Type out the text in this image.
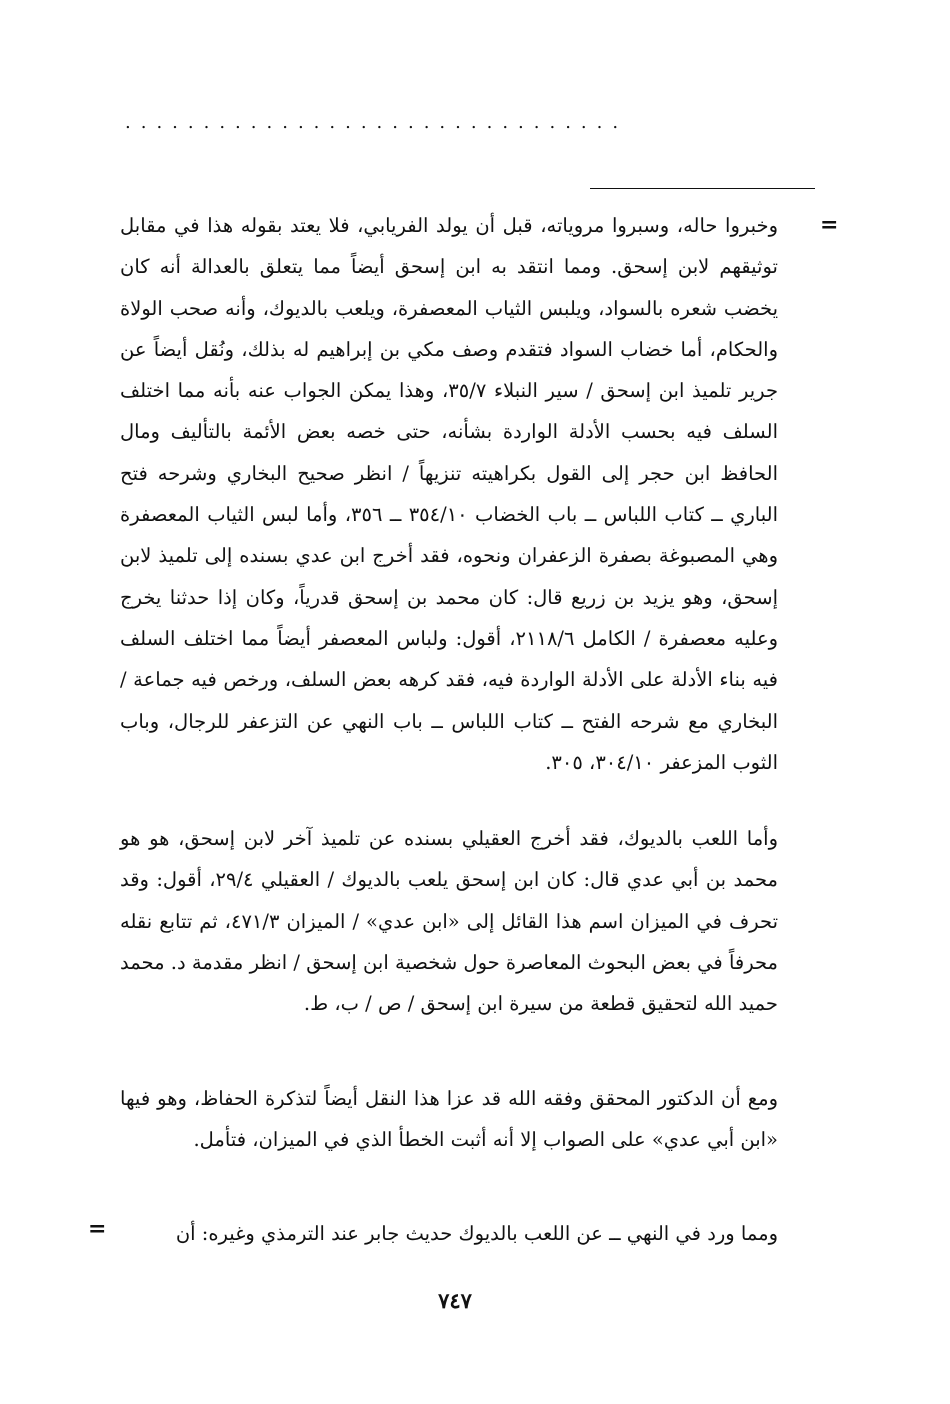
................................
=

وخبروا حاله، وسبروا مروياته، قبل أن يولد الفريابي، فلا يعتد بقوله هذا في مقابل توثيقهم لابن إسحق. ومما انتقد به ابن إسحق أيضاً مما يتعلق بالعدالة أنه كان يخضب شعره بالسواد، ويلبس الثياب المعصفرة، ويلعب بالديوك، وأنه صحب الولاة والحكام، أما خضاب السواد فتقدم وصف مكي بن إبراهيم له بذلك، ونُقل أيضاً عن جرير تلميذ ابن إسحق / سير النبلاء ٣٥/٧، وهذا يمكن الجواب عنه بأنه مما اختلف السلف فيه بحسب الأدلة الواردة بشأنه، حتى خصه بعض الأئمة بالتأليف ومال الحافظ ابن حجر إلى القول بكراهيته تنزيهاً / انظر صحيح البخاري وشرحه فتح الباري ــ كتاب اللباس ــ باب الخضاب ٣٥٤/١٠ ــ ٣٥٦، وأما لبس الثياب المعصفرة وهي المصبوغة بصفرة الزعفران ونحوه، فقد أخرج ابن عدي بسنده إلى تلميذ لابن إسحق، وهو يزيد بن زريع قال: كان محمد بن إسحق قدرياً، وكان إذا حدثنا يخرج وعليه معصفرة / الكامل ٢١١٨/٦، أقول: ولباس المعصفر أيضاً مما اختلف السلف فيه بناء الأدلة على الأدلة الواردة فيه، فقد كرهه بعض السلف، ورخص فيه جماعة / البخاري مع شرحه الفتح ــ كتاب اللباس ــ باب النهي عن التزعفر للرجال، وباب الثوب المزعفر ٣٠٤/١٠، ٣٠٥.

وأما اللعب بالديوك، فقد أخرج العقيلي بسنده عن تلميذ آخر لابن إسحق، هو هو محمد بن أبي عدي قال: كان ابن إسحق يلعب بالديوك / العقيلي ٢٩/٤، أقول: وقد تحرف في الميزان اسم هذا القائل إلى «ابن عدي» / الميزان ٤٧١/٣، ثم تتابع نقله محرفاً في بعض البحوث المعاصرة حول شخصية ابن إسحق / انظر مقدمة د. محمد حميد الله لتحقيق قطعة من سيرة ابن إسحق / ص / ب، ط.

ومع أن الدكتور المحقق وفقه الله قد عزا هذا النقل أيضاً لتذكرة الحفاظ، وهو فيها «ابن أبي عدي» على الصواب إلا أنه أثبت الخطأ الذي في الميزان، فتأمل.

ومما ورد في النهي ــ عن اللعب بالديوك حديث جابر عند الترمذي وغيره: أن

=
٧٤٧
